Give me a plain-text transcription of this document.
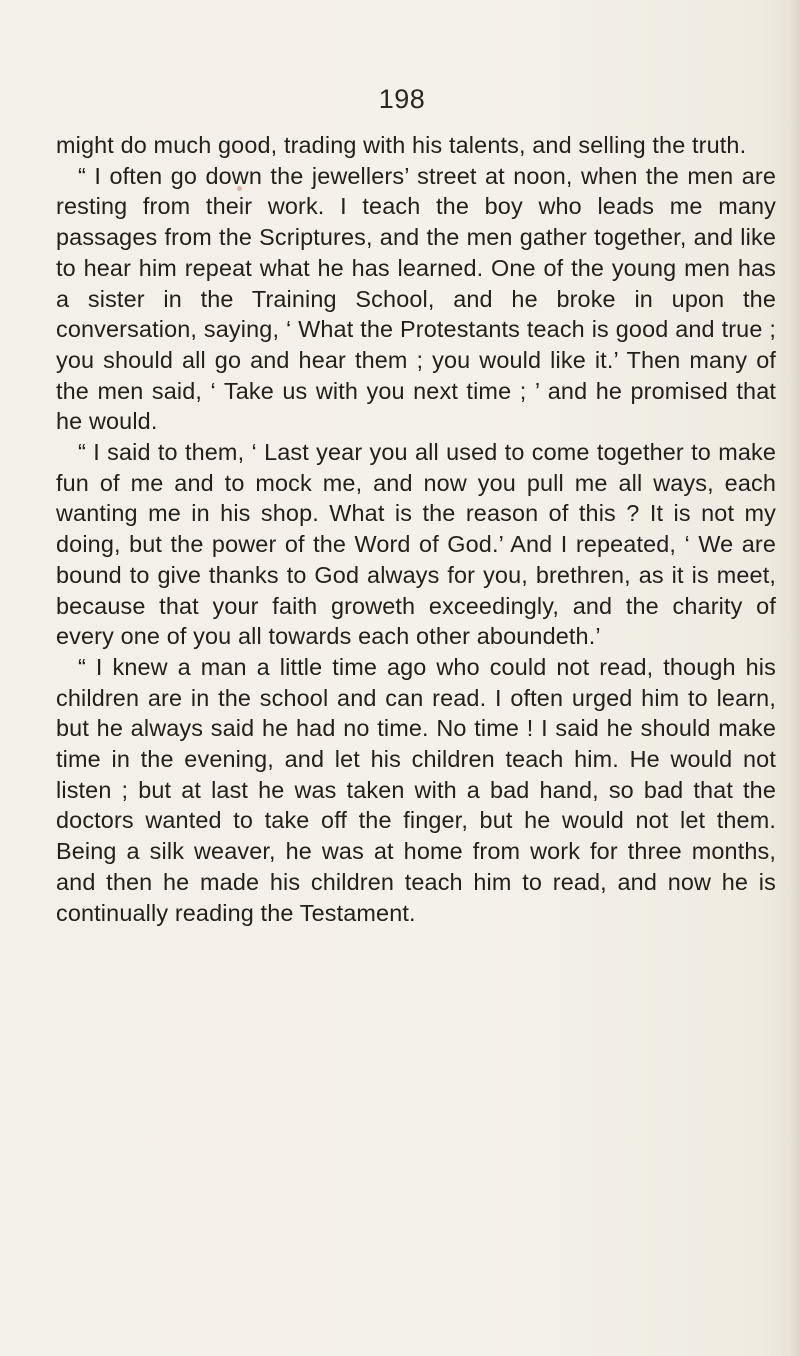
198

might do much good, trading with his talents, and selling the truth.

“ I often go down the jewellers’ street at noon, when the men are resting from their work. I teach the boy who leads me many passages from the Scriptures, and the men gather together, and like to hear him repeat what he has learned. One of the young men has a sister in the Training School, and he broke in upon the conversation, saying, ‘ What the Protestants teach is good and true ; you should all go and hear them ; you would like it.’ Then many of the men said, ‘ Take us with you next time ; ’ and he promised that he would.

“ I said to them, ‘ Last year you all used to come together to make fun of me and to mock me, and now you pull me all ways, each wanting me in his shop. What is the reason of this ? It is not my doing, but the power of the Word of God.’ And I repeated, ‘ We are bound to give thanks to God always for you, brethren, as it is meet, because that your faith groweth exceedingly, and the charity of every one of you all towards each other aboundeth.’

“ I knew a man a little time ago who could not read, though his children are in the school and can read. I often urged him to learn, but he always said he had no time. No time ! I said he should make time in the evening, and let his children teach him. He would not listen ; but at last he was taken with a bad hand, so bad that the doctors wanted to take off the finger, but he would not let them. Being a silk weaver, he was at home from work for three months, and then he made his children teach him to read, and now he is continually reading the Testament.
